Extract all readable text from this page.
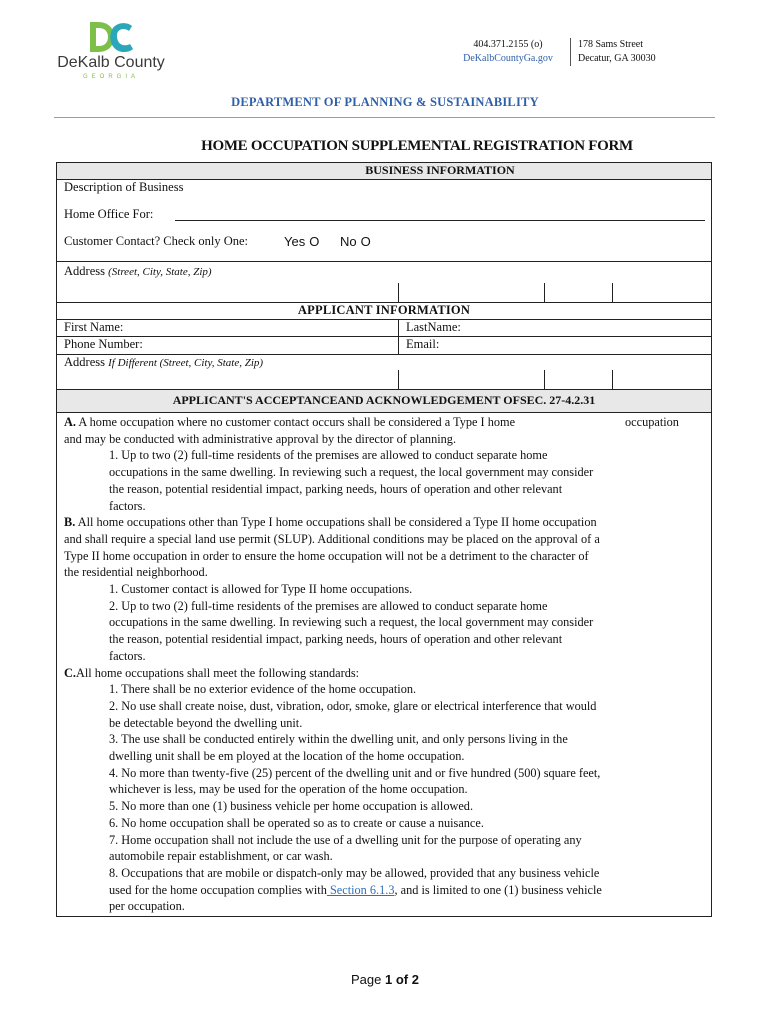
DeKalb County
GEORGIA
404.371.2155 (o)
DeKalbCountyGa.gov
178 Sams Street
Decatur, GA 30030
DEPARTMENT OF PLANNING & SUSTAINABILITY
HOME OCCUPATION SUPPLEMENTAL REGISTRATION FORM
BUSINESS INFORMATION
Description of Business
Home Office For:
Customer Contact? Check only One:	Yes O No O
Address (Street, City, State, Zip)
APPLICANT INFORMATION
First Name:	LastName:
Phone Number:	Email:
Address If Different (Street, City, State, Zip)
APPLICANT'S ACCEPTANCEAND ACKNOWLEDGEMENT OFSEC. 27-4.2.31
A. A home occupation where no customer contact occurs shall be considered a Type I home	occupation
and may be conducted with administrative approval by the director of planning.
1. Up to two (2) full-time residents of the premises are allowed to conduct separate home
occupations in the same dwelling. In reviewing such a request, the local government may consider
the reason, potential residential impact, parking needs, hours of operation and other relevant
factors.
B. All home occupations other than Type I home occupations shall be considered a Type II home occupation
and shall require a special land use permit (SLUP). Additional conditions may be placed on the approval of a
Type II home occupation in order to ensure the home occupation will not be a detriment to the character of
the residential neighborhood.
1. Customer contact is allowed for Type II home occupations.
2. Up to two (2) full-time residents of the premises are allowed to conduct separate home
occupations in the same dwelling. In reviewing such a request, the local government may consider
the reason, potential residential impact, parking needs, hours of operation and other relevant
factors.
C.All home occupations shall meet the following standards:
1. There shall be no exterior evidence of the home occupation.
2. No use shall create noise, dust, vibration, odor, smoke, glare or electrical interference that would
be detectable beyond the dwelling unit.
3. The use shall be conducted entirely within the dwelling unit, and only persons living in the
dwelling unit shall be em ployed at the location of the home occupation.
4. No more than twenty-five (25) percent of the dwelling unit and or five hundred (500) square feet,
whichever is less, may be used for the operation of the home occupation.
5. No more than one (1) business vehicle per home occupation is allowed.
6. No home occupation shall be operated so as to create or cause a nuisance.
7. Home occupation shall not include the use of a dwelling unit for the purpose of operating any
automobile repair establishment, or car wash.
8. Occupations that are mobile or dispatch-only may be allowed, provided that any business vehicle
used for the home occupation complies with Section 6.1.3, and is limited to one (1) business vehicle
per occupation.
Page 1 of 2
